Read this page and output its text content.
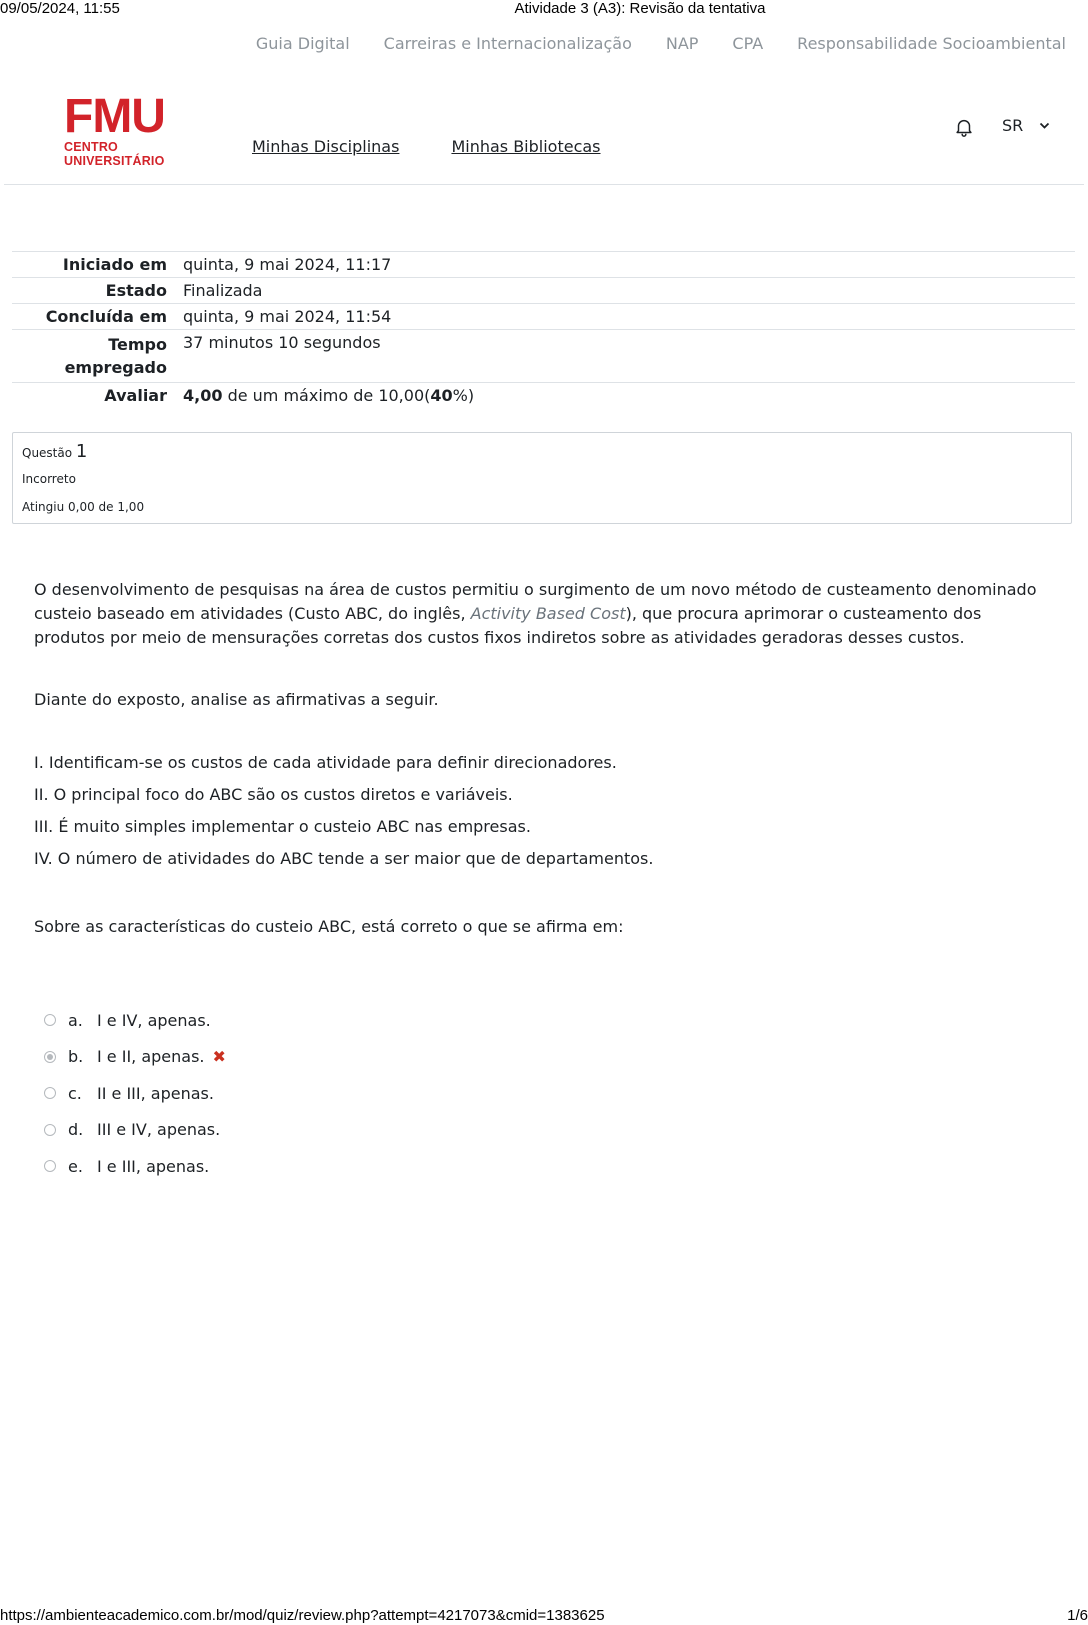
09/05/2024, 11:55	Atividade 3 (A3): Revisão da tentativa
Guia Digital Carreiras e Internacionalização NAP CPA Responsabilidade Socioambiental
FMU
CENTRO UNIVERSITÁRIO
Minhas Disciplinas	Minhas Bibliotecas
SR
Iniciado em	quinta, 9 mai 2024, 11:17
Estado	Finalizada
Concluída em	quinta, 9 mai 2024, 11:54
Tempo empregado	37 minutos 10 segundos
Avaliar	4,00 de um máximo de 10,00(40%)
Questão 1
Incorreto
Atingiu 0,00 de 1,00

O desenvolvimento de pesquisas na área de custos permitiu o surgimento de um novo método de custeamento denominado custeio baseado em atividades (Custo ABC, do inglês, Activity Based Cost), que procura aprimorar o custeamento dos produtos por meio de mensurações corretas dos custos fixos indiretos sobre as atividades geradoras desses custos.

Diante do exposto, analise as afirmativas a seguir.
I. Identificam-se os custos de cada atividade para definir direcionadores.
II. O principal foco do ABC são os custos diretos e variáveis.
III. É muito simples implementar o custeio ABC nas empresas.
IV. O número de atividades do ABC tende a ser maior que de departamentos.
Sobre as características do custeio ABC, está correto o que se afirma em:
a. I e IV, apenas.
b. I e II, apenas. ✖
c. II e III, apenas.
d. III e IV, apenas.
e. I e III, apenas.
https://ambienteacademico.com.br/mod/quiz/review.php?attempt=4217073&cmid=1383625	1/6
